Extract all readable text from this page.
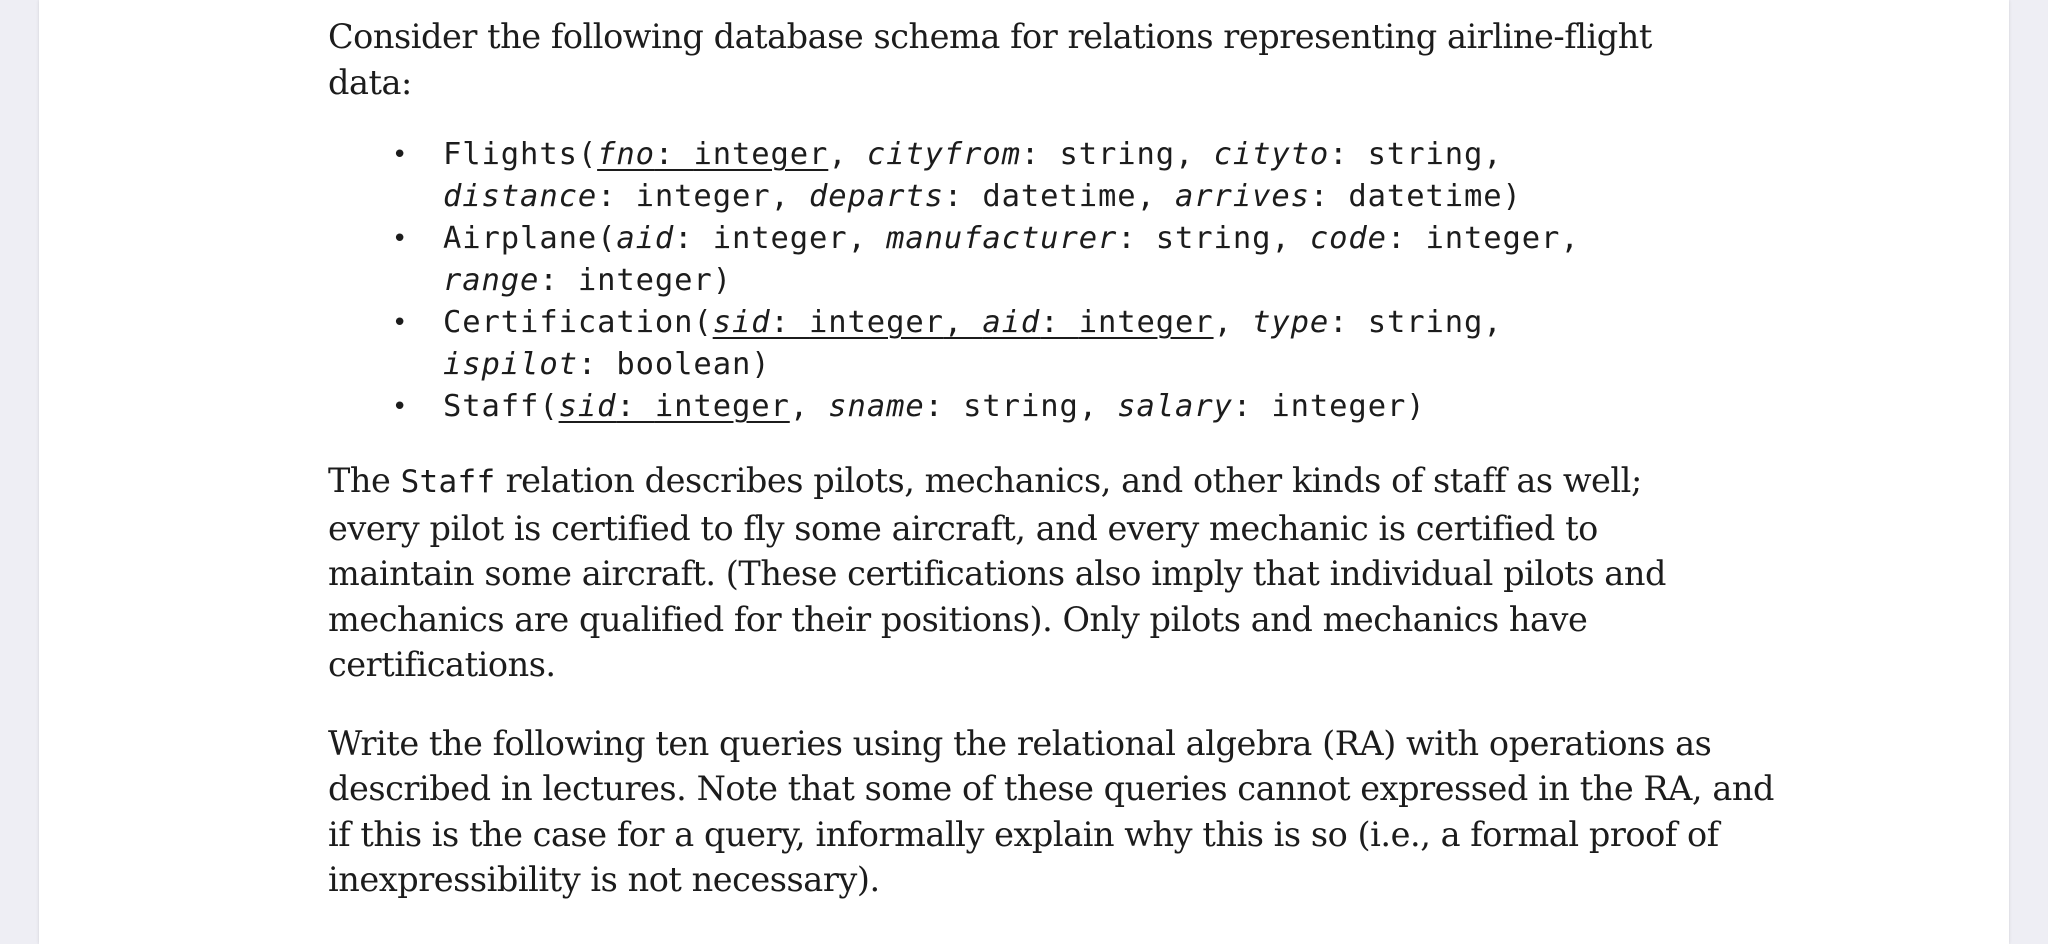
Consider the following database schema for relations representing airline-flight data:

• Flights(fno: integer, cityfrom: string, cityto: string,
distance: integer, departs: datetime, arrives: datetime)
• Airplane(aid: integer, manufacturer: string, code: integer,
range: integer)
• Certification(sid: integer, aid: integer, type: string,
ispilot: boolean)
• Staff(sid: integer, sname: string, salary: integer)

The Staff relation describes pilots, mechanics, and other kinds of staff as well; every pilot is certified to fly some aircraft, and every mechanic is certified to maintain some aircraft. (These certifications also imply that individual pilots and mechanics are qualified for their positions). Only pilots and mechanics have certifications.

Write the following ten queries using the relational algebra (RA) with operations as described in lectures. Note that some of these queries cannot expressed in the RA, and if this is the case for a query, informally explain why this is so (i.e., a formal proof of inexpressibility is not necessary).
